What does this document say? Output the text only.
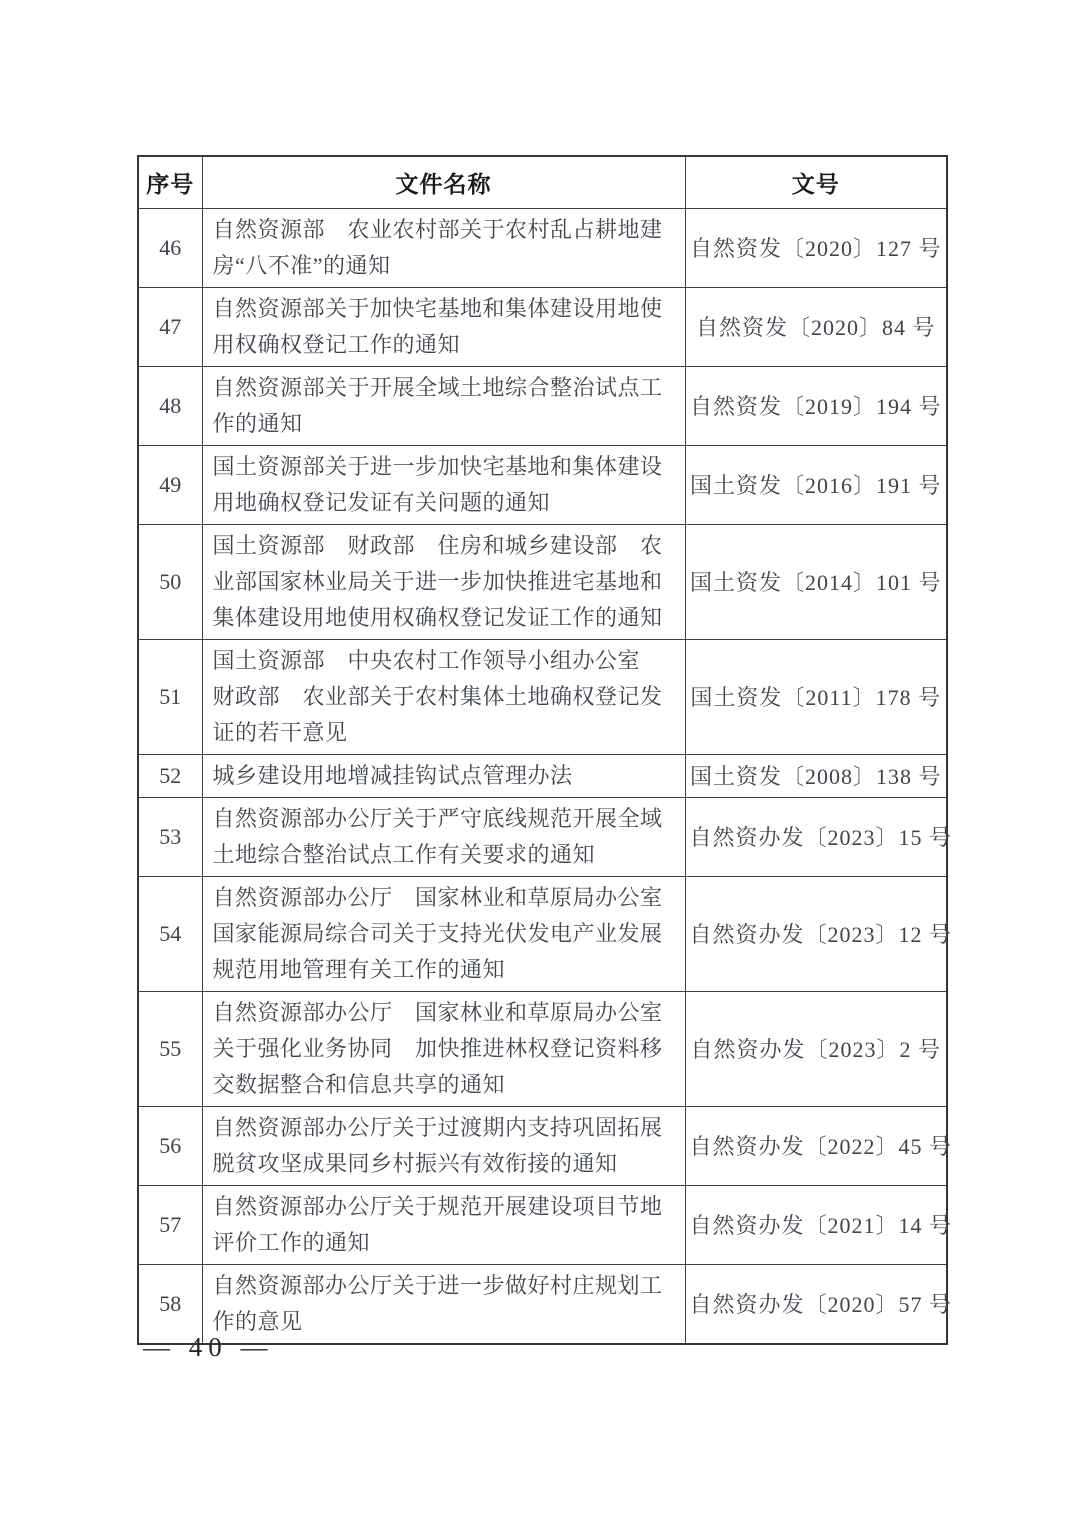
序号	文件名称	文号
46	自然资源部　农业农村部关于农村乱占耕地建房“八不准”的通知	自然资发〔2020〕127 号
47	自然资源部关于加快宅基地和集体建设用地使用权确权登记工作的通知	自然资发〔2020〕84 号
48	自然资源部关于开展全域土地综合整治试点工作的通知	自然资发〔2019〕194 号
49	国土资源部关于进一步加快宅基地和集体建设用地确权登记发证有关问题的通知	国土资发〔2016〕191 号
50	国土资源部　财政部　住房和城乡建设部　农业部国家林业局关于进一步加快推进宅基地和集体建设用地使用权确权登记发证工作的通知	国土资发〔2014〕101 号
51	国土资源部　中央农村工作领导小组办公室　财政部　农业部关于农村集体土地确权登记发证的若干意见	国土资发〔2011〕178 号
52	城乡建设用地增减挂钩试点管理办法	国土资发〔2008〕138 号
53	自然资源部办公厅关于严守底线规范开展全域土地综合整治试点工作有关要求的通知	自然资办发〔2023〕15 号
54	自然资源部办公厅　国家林业和草原局办公室　国家能源局综合司关于支持光伏发电产业发展规范用地管理有关工作的通知	自然资办发〔2023〕12 号
55	自然资源部办公厅　国家林业和草原局办公室关于强化业务协同　加快推进林权登记资料移交数据整合和信息共享的通知	自然资办发〔2023〕2 号
56	自然资源部办公厅关于过渡期内支持巩固拓展脱贫攻坚成果同乡村振兴有效衔接的通知	自然资办发〔2022〕45 号
57	自然资源部办公厅关于规范开展建设项目节地评价工作的通知	自然资办发〔2021〕14 号
58	自然资源部办公厅关于进一步做好村庄规划工作的意见	自然资办发〔2020〕57 号
— 40 —
